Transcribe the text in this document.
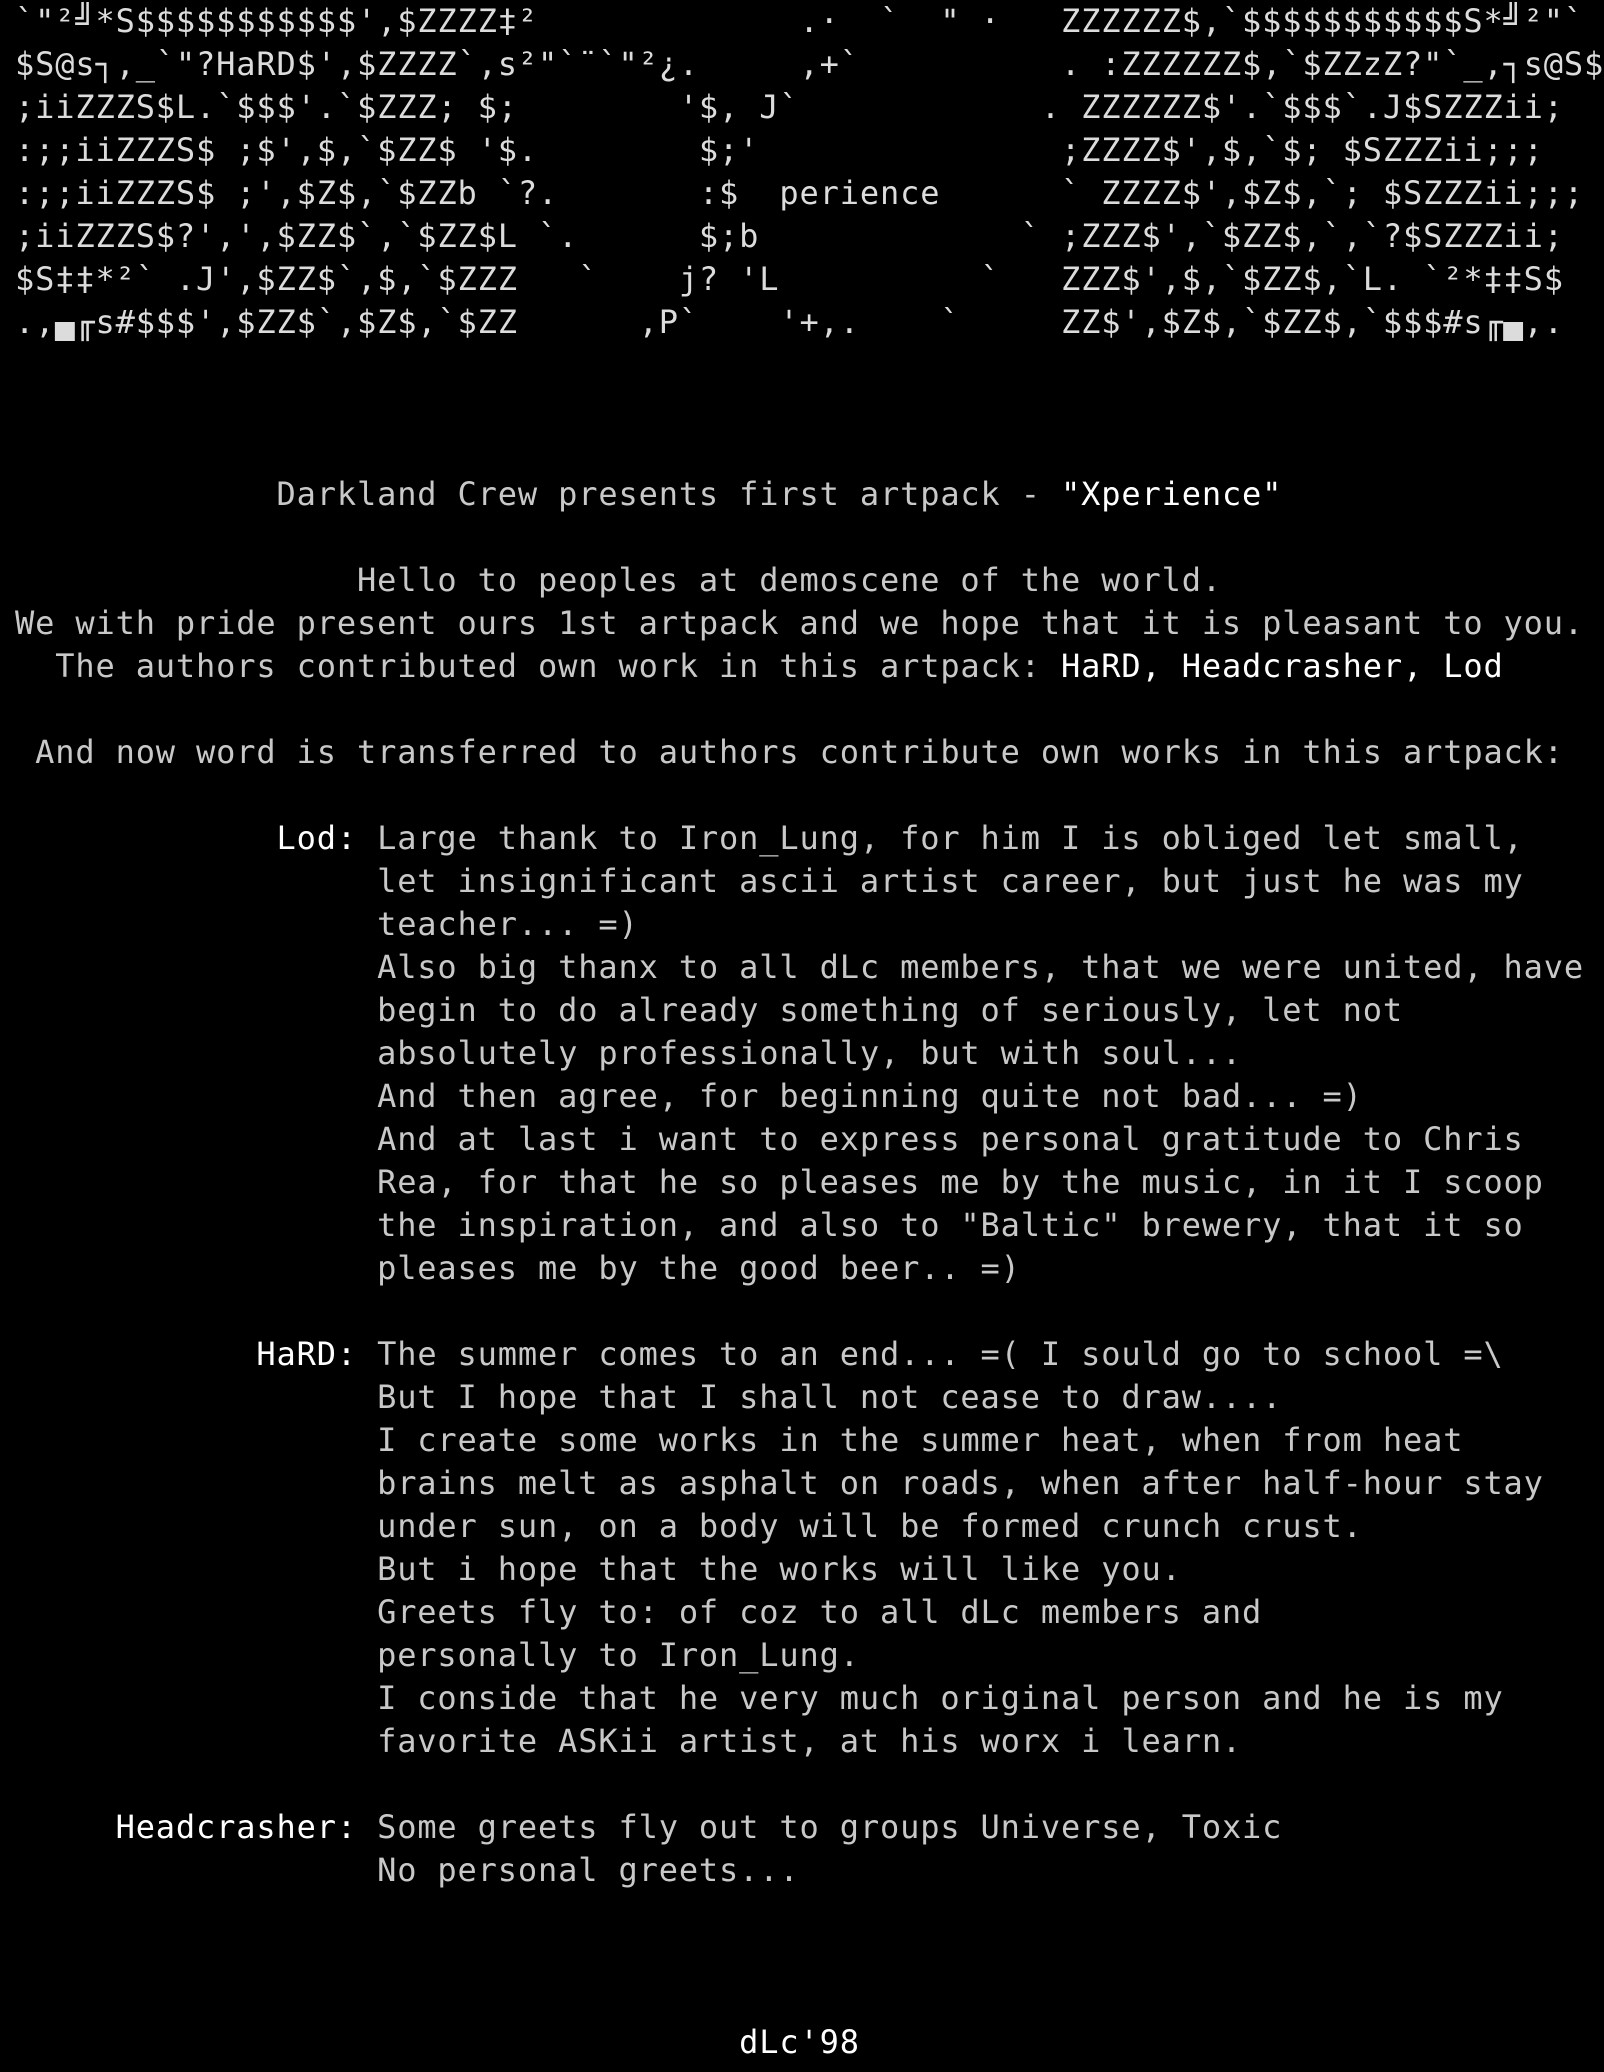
`"²╝*S$$$$$$$$$$$',$ZZZZ‡²             .·  `  " ·   ZZZZZZ$,`$$$$$$$$$$$S*╝²"`
$S@s┐,_`"?HaRD$',$ZZZZ`,s²"`¨`"²¿.     ,+`          . :ZZZZZZ$,`$ZZzZ?"`_,┐s@S$
;iiZZZS$L.`$$$'.`$ZZZ; $;        '$, J`            . ZZZZZZ$'.`$$$`.J$SZZZii;
:;;iiZZZS$ ;$',$,`$ZZ$ '$.        $;'               ;ZZZZ$',$,`$; $SZZZii;;;
:;;iiZZZS$ ;',$Z$,`$ZZb `?.       :$  perience      ` ZZZZ$',$Z$,`; $SZZZii;;;
;iiZZZS$?',',$ZZ$`,`$ZZ$L `.      $;b             ` ;ZZZ$',`$ZZ$,`,`?$SZZZii;
$S‡‡*²` .J',$ZZ$`,$,`$ZZZ   `    j? 'L          `   ZZZ$',$,`$ZZ$,`L. `²*‡‡S$
.,▄╓s#$$$',$ZZ$`,$Z$,`$ZZ      ,P`    '+,.    `     ZZ$',$Z$,`$ZZ$,`$$$#s╓▄,.
Darkland Crew presents first artpack - "Xperience"
Hello to peoples at demoscene of the world.
We with pride present ours 1st artpack and we hope that it is pleasant to you.
The authors contributed own work in this artpack: HaRD, Headcrasher, Lod
And now word is transferred to authors contribute own works in this artpack:
Lod: Large thank to Iron_Lung, for him I is obliged let small,
let insignificant ascii artist career, but just he was my
teacher... =)
Also big thanx to all dLc members, that we were united, have
begin to do already something of seriously, let not
absolutely professionally, but with soul...
And then agree, for beginning quite not bad... =)
And at last i want to express personal gratitude to Chris
Rea, for that he so pleases me by the music, in it I scoop
the inspiration, and also to "Baltic" brewery, that it so
pleases me by the good beer.. =)
HaRD: The summer comes to an end... =( I sould go to school =\
But I hope that I shall not cease to draw....
I create some works in the summer heat, when from heat
brains melt as asphalt on roads, when after half-hour stay
under sun, on a body will be formed crunch crust.
But i hope that the works will like you.
Greets fly to: of coz to all dLc members and
personally to Iron_Lung.
I conside that he very much original person and he is my
favorite ASKii artist, at his worx i learn.
Headcrasher: Some greets fly out to groups Universe, Toxic
No personal greets...
dLc'98
